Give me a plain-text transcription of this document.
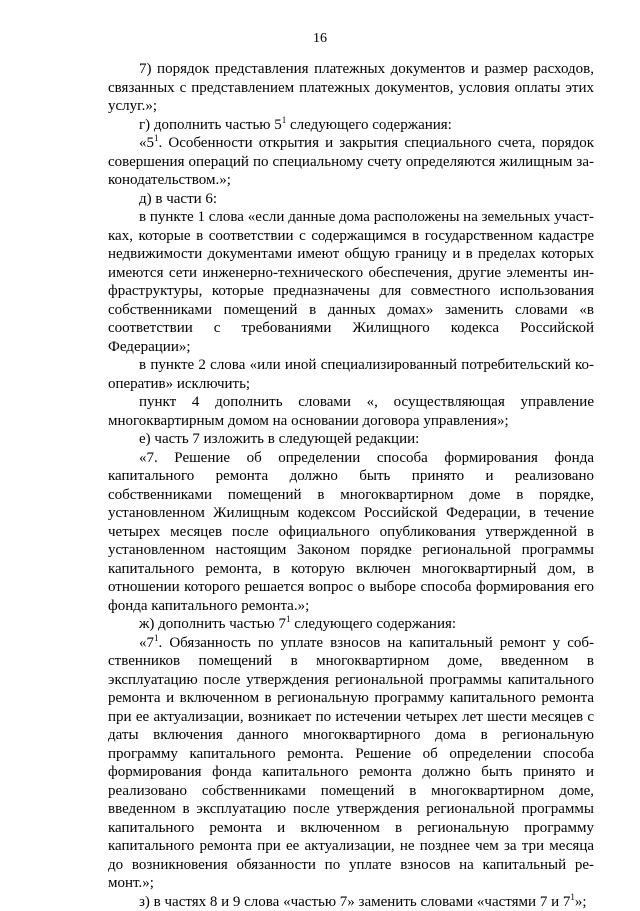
16

7) порядок представления платежных документов и размер расходов, связанных с представлением платежных документов, условия оплаты этих услуг.»;

г) дополнить частью $5^1$ следующего содержания:

«$5^1$. Особенности открытия и закрытия специального счета, порядок совершения операций по специальному счету определяются жилищным законодательством.»;

д) в части 6:

в пункте 1 слова «если данные дома расположены на земельных участках, которые в соответствии с содержащимся в государственном кадастре недвижимости документами имеют общую границу и в пределах которых имеются сети инженерно-технического обеспечения, другие элементы инфраструктуры, которые предназначены для совместного использования собственниками помещений в данных домах» заменить словами «в соответствии с требованиями Жилищного кодекса Российской Федерации»;

в пункте 2 слова «или иной специализированный потребительский кооператив» исключить;

пункт 4 дополнить словами «, осуществляющая управление многоквартирным домом на основании договора управления»;

е) часть 7 изложить в следующей редакции:

«7. Решение об определении способа формирования фонда капитального ремонта должно быть принято и реализовано собственниками помещений в многоквартирном доме в порядке, установленном Жилищным кодексом Российской Федерации, в течение четырех месяцев после официального опубликования утвержденной в установленном настоящим Законом порядке региональной программы капитального ремонта, в которую включен многоквартирный дом, в отношении которого решается вопрос о выборе способа формирования его фонда капитального ремонта.»;

ж) дополнить частью $7^1$ следующего содержания:

«$7^1$. Обязанность по уплате взносов на капитальный ремонт у собственников помещений в многоквартирном доме, введенном в эксплуатацию после утверждения региональной программы капитального ремонта и включенном в региональную программу капитального ремонта при ее актуализации, возникает по истечении четырех лет шести месяцев с даты включения данного многоквартирного дома в региональную программу капитального ремонта. Решение об определении способа формирования фонда капитального ремонта должно быть принято и реализовано собственниками помещений в многоквартирном доме, введенном в эксплуатацию после утверждения региональной программы капитального ремонта и включенном в региональную программу капитального ремонта при ее актуализации, не позднее чем за три месяца до возникновения обязанности по уплате взносов на капитальный ремонт.»;

з) в частях 8 и 9 слова «частью 7» заменить словами «частями 7 и $7^1$»;
